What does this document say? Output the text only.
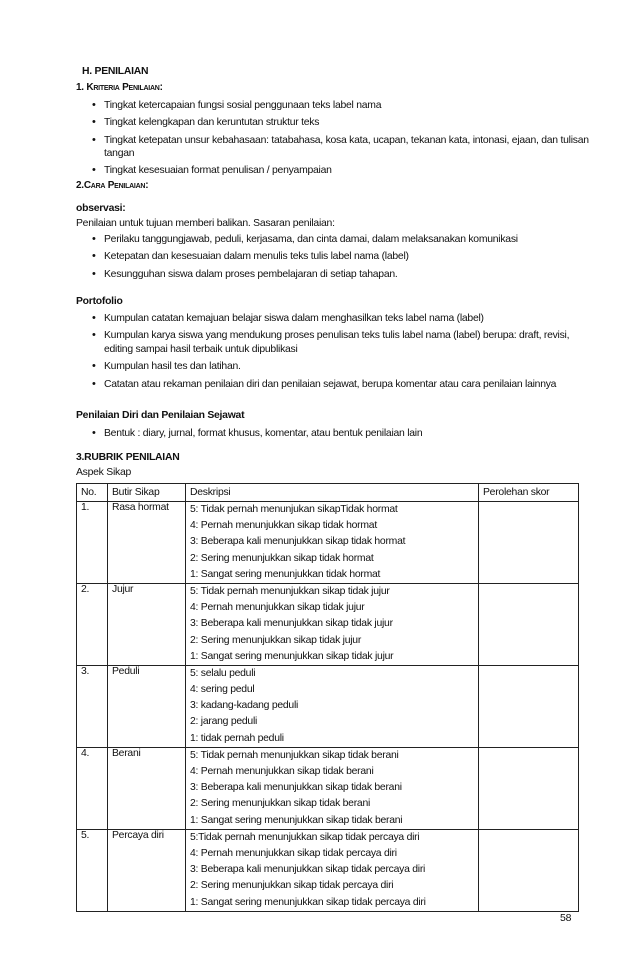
H. PENILAIAN
1. Kriteria Penilaian:
• Tingkat ketercapaian fungsi sosial penggunaan teks label nama
• Tingkat kelengkapan dan keruntutan struktur teks
• Tingkat ketepatan unsur kebahasaan: tatabahasa, kosa kata, ucapan, tekanan kata, intonasi, ejaan, dan tulisan tangan
• Tingkat kesesuaian format penulisan / penyampaian
2.Cara Penilaian:
observasi:
Penilaian untuk tujuan memberi balikan. Sasaran penilaian:
• Perilaku tanggungjawab, peduli, kerjasama, dan cinta damai, dalam melaksanakan komunikasi
• Ketepatan dan kesesuaian dalam menulis teks tulis label nama (label)
• Kesungguhan siswa dalam proses pembelajaran di setiap tahapan.
Portofolio
• Kumpulan catatan kemajuan belajar siswa dalam menghasilkan teks label nama (label)
• Kumpulan karya siswa yang mendukung proses penulisan teks tulis label nama (label) berupa: draft, revisi, editing sampai hasil terbaik untuk dipublikasi
• Kumpulan hasil tes dan latihan.
• Catatan atau rekaman penilaian diri dan penilaian sejawat, berupa komentar atau cara penilaian lainnya
Penilaian Diri dan Penilaian Sejawat
• Bentuk : diary, jurnal, format khusus, komentar, atau bentuk penilaian lain
3.RUBRIK PENILAIAN
Aspek Sikap
No.	Butir Sikap	Deskripsi	Perolehan skor
1.	Rasa hormat	5: Tidak pernah menunjukan sikapTidak hormat
4: Pernah menunjukkan sikap tidak hormat
3: Beberapa kali menunjukkan sikap tidak hormat
2: Sering menunjukkan sikap tidak hormat
1: Sangat sering menunjukkan tidak hormat	

2.	Jujur	5: Tidak pernah menunjukkan sikap tidak jujur
4: Pernah menunjukkan sikap tidak jujur
3: Beberapa kali menunjukkan sikap tidak jujur
2: Sering menunjukkan sikap tidak jujur
1: Sangat sering menunjukkan sikap tidak jujur	

3.	Peduli	5: selalu peduli
4: sering pedul
3: kadang-kadang peduli
2: jarang peduli
1: tidak pernah peduli	

4.	Berani	5: Tidak pernah menunjukkan sikap tidak berani
4: Pernah menunjukkan sikap tidak berani
3: Beberapa kali menunjukkan sikap tidak berani
2: Sering menunjukkan sikap tidak berani
1: Sangat sering menunjukkan sikap tidak berani	

5.	Percaya diri	5:Tidak pernah menunjukkan sikap tidak percaya diri
4: Pernah menunjukkan sikap tidak percaya diri
3: Beberapa kali menunjukkan sikap tidak percaya diri
2: Sering menunjukkan sikap tidak percaya diri
1: Sangat sering menunjukkan sikap tidak percaya diri	

58
